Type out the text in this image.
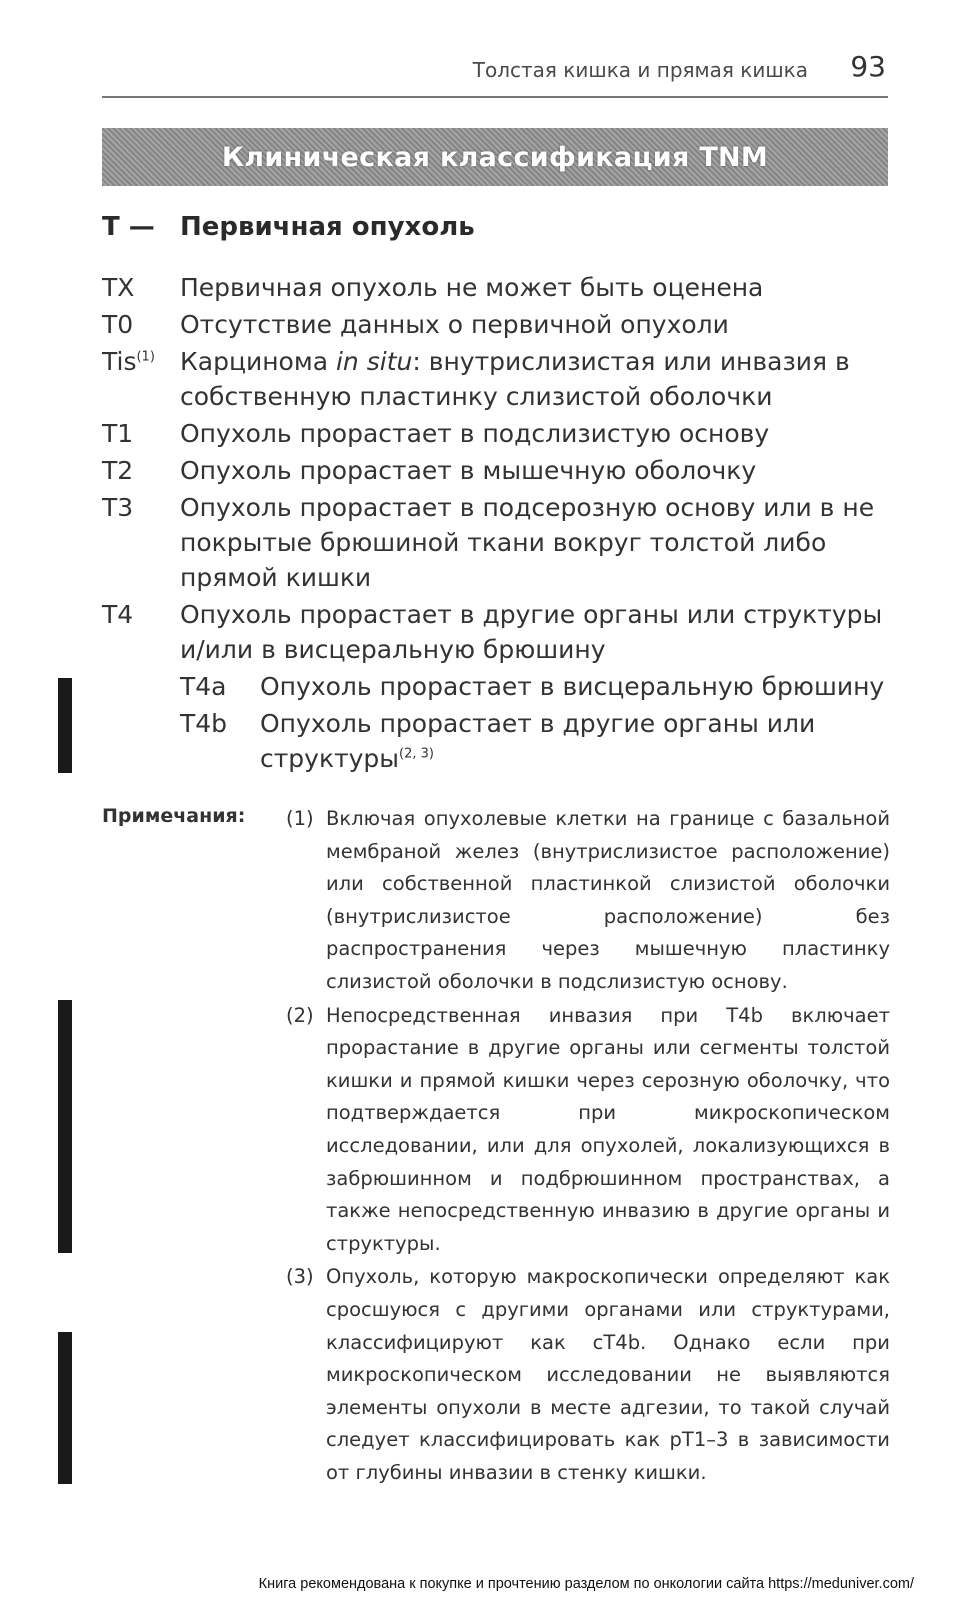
Толстая кишка и прямая кишка 93
Клиническая классификация TNM
T — Первичная опухоль
TX	Первичная опухоль не может быть оценена
T0	Отсутствие данных о первичной опухоли
Tis$^{(1)}$	Карцинома in situ: внутрислизистая или инвазия в собственную пластинку слизистой оболочки
T1	Опухоль прорастает в подслизистую основу
T2	Опухоль прорастает в мышечную оболочку
T3	Опухоль прорастает в подсерозную основу или в не покрытые брюшиной ткани вокруг толстой либо прямой кишки
T4	Опухоль прорастает в другие органы или структуры и/или в висцеральную брюшину
T4a	Опухоль прорастает в висцеральную брюшину
T4b	Опухоль прорастает в другие органы или структуры$^{(2, 3)}$
Примечания: (1) Включая опухолевые клетки на границе с базальной мембраной желез (внутрислизистое расположение) или собственной пластинкой слизистой оболочки (внутрислизистое расположение) без распространения через мышечную пластинку слизистой оболочки в подслизистую основу.
(2) Непосредственная инвазия при T4b включает прорастание в другие органы или сегменты толстой кишки и прямой кишки через серозную оболочку, что подтверждается при микроскопическом исследовании, или для опухолей, локализующихся в забрюшинном и подбрюшинном пространствах, а также непосредственную инвазию в другие органы и структуры.
(3) Опухоль, которую макроскопически определяют как сросшуюся с другими органами или структурами, классифицируют как cT4b. Однако если при микроскопическом исследовании не выявляются элементы опухоли в месте адгезии, то такой случай следует классифицировать как pT1–3 в зависимости от глубины инвазии в стенку кишки.
Книга рекомендована к покупке и прочтению разделом по онкологии сайта https://meduniver.com/
